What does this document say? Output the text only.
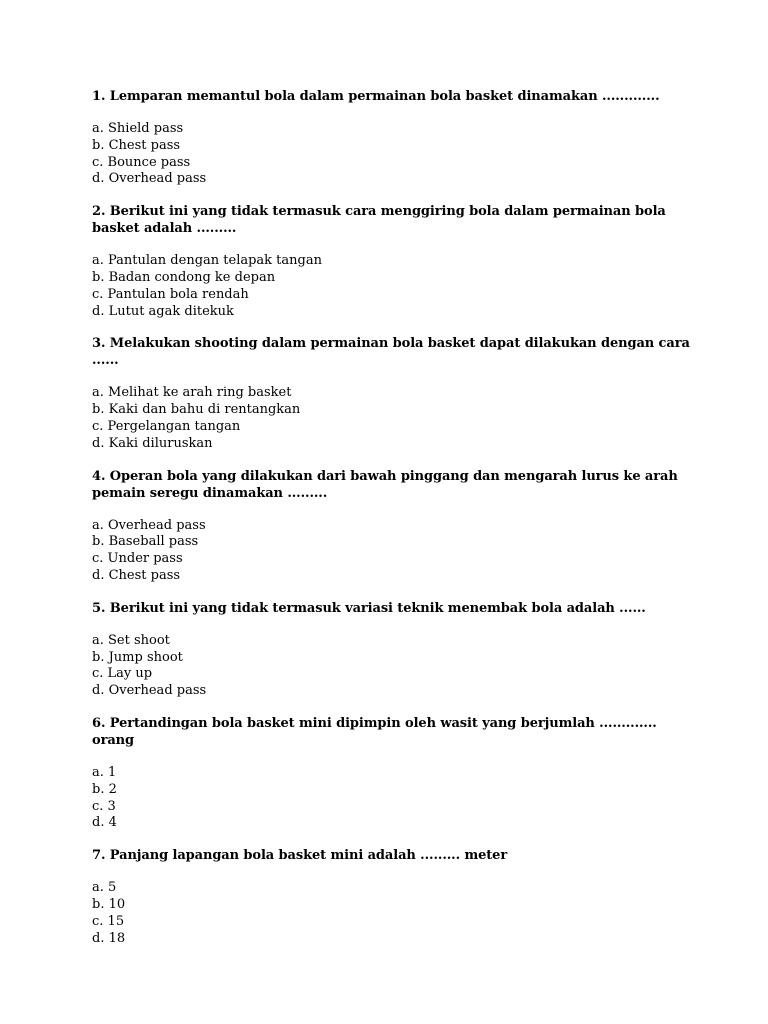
1. Lemparan memantul bola dalam permainan bola basket dinamakan .............

a. Shield pass
b. Chest pass
c. Bounce pass
d. Overhead pass

2. Berikut ini yang tidak termasuk cara menggiring bola dalam permainan bola basket adalah .........

a. Pantulan dengan telapak tangan
b. Badan condong ke depan
c. Pantulan bola rendah
d. Lutut agak ditekuk

3. Melakukan shooting dalam permainan bola basket dapat dilakukan dengan cara ......

a. Melihat ke arah ring basket
b. Kaki dan bahu di rentangkan
c. Pergelangan tangan
d. Kaki diluruskan

4. Operan bola yang dilakukan dari bawah pinggang dan mengarah lurus ke arah pemain seregu dinamakan .........

a. Overhead pass
b. Baseball pass
c. Under pass
d. Chest pass

5. Berikut ini yang tidak termasuk variasi teknik menembak bola adalah ......

a. Set shoot
b. Jump shoot
c. Lay up
d. Overhead pass

6. Pertandingan bola basket mini dipimpin oleh wasit yang berjumlah ............. orang

a. 1
b. 2
c. 3
d. 4

7. Panjang lapangan bola basket mini adalah ......... meter

a. 5
b. 10
c. 15
d. 18
